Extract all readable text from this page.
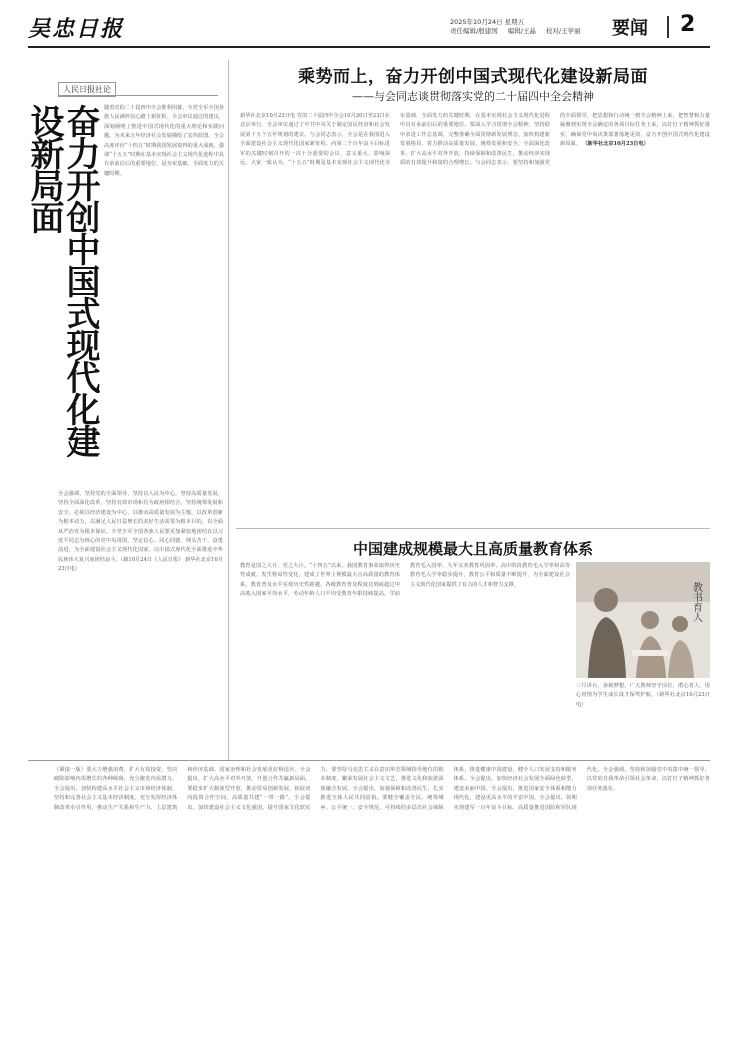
吴忠日报	2025年10月24日 星期五
责任编辑/殷建国 编辑/王晶 校对/王学丽 要闻 2
人民日报社论
奋力开创中国式现代化建设新局面	随着党的二十届四中全会胜利闭幕，全党全军全国各族人民满怀信心踏上新征程。全会审议通过的建议，深刻阐明了推进中国式现代化的重大理论和实践问题，为未来五年经济社会发展描绘了宏伟蓝图。全会高度评价“十四五”时期我国发展取得的重大成就，强调“十五五”时期在基本实现社会主义现代化进程中具有承前启后的重要地位，是夯实基础、全面发力的关键时期。
全会强调，坚持党的全面领导，坚持以人民为中心，坚持高质量发展，坚持全面深化改革，坚持有效市场和有为政府相结合，坚持统筹发展和安全。必须以经济建设为中心，以推动高质量发展为主题，以改革创新为根本动力，以满足人民日益增长的美好生活需要为根本目的，以全面从严治党为根本保证。全党全军全国各族人民要更加紧密地团结在以习近平同志为核心的党中央周围，坚定信心、同心同德，埋头苦干、奋勇前进，为全面建设社会主义现代化国家、以中国式现代化全面推进中华民族伟大复兴而团结奋斗。（载10月24日《人民日报》 新华社北京10月23日电）
乘势而上，奋力开创中国式现代化建设新局面
——与会同志谈贯彻落实党的二十届四中全会精神
新华社北京10月23日电 党的二十届四中全会10月20日至23日在北京举行。全会审议通过了中共中央关于制定国民经济和社会发展第十五个五年规划的建议。与会同志表示，全会是在我国进入全面建设社会主义现代化国家新征程、向第二个百年奋斗目标进军的关键时刻召开的一次十分重要的会议，意义重大、影响深远。大家一致认为，“十五五”时期是基本实现社会主义现代化夯实基础、全面发力的关键时期，在基本实现社会主义现代化进程中具有承前启后的重要地位。要深入学习贯彻全会精神，坚持稳中求进工作总基调，完整准确全面贯彻新发展理念，加快构建新发展格局，着力推动高质量发展，统筹发展和安全，全面深化改革，扩大高水平对外开放，持续保障和改善民生，推动经济实现质的有效提升和量的合理增长。与会同志表示，要坚持和加强党的全面领导，把思想和行动统一到全会精神上来，把智慧和力量凝聚到实现全会确定的各项目标任务上来，以钉钉子精神抓好落实，确保党中央决策部署落地见效，奋力开创中国式现代化建设新局面。 （新华社北京10月23日电）
中国建成规模最大且高质量教育体系
教育是国之大计、党之大计。“十四五”以来，我国教育事业取得历史性成就、发生格局性变化，建成了世界上规模最大且高质量的教育体系。教育普及水平实现历史性跨越，各级教育普及程度达到或超过中高收入国家平均水平，劳动年龄人口平均受教育年限持续提高。学前教育毛入园率、九年义务教育巩固率、高中阶段教育毛入学率和高等教育毛入学率稳步提升，教育公平和质量不断提升，为全面建设社会主义现代化国家提供了有力的人才和智力支撑。	教书育人
三尺讲台，承载梦想。广大教师坚守岗位、潜心育人，用心用情为学生成长成才保驾护航。（新华社北京10月23日电）
（紧接一版）要大力增强消费，扩大有效投资，坚决破除影响内需增长的各种障碍，充分激发内需潜力。全会提出，加快构建高水平社会主义市场经济体制，坚持和完善社会主义基本经济制度，充分发挥经济体制改革牵引作用，推动生产关系和生产力、上层建筑和经济基础、国家治理和社会发展更好相适应。全会提出，扩大高水平对外开放，开创合作共赢新局面。要稳步扩大制度型开放，推动贸易创新发展，拓展双向投资合作空间，高质量共建“一带一路”。全会提出，加快建设社会主义文化强国，提升国家文化软实力。要坚持马克思主义在意识形态领域指导地位的根本制度，繁荣发展社会主义文艺，推进文化和旅游深度融合发展。全会提出，加强保障和改善民生，扎实推进全体人民共同富裕。要健全覆盖全民、统筹城乡、公平统一、安全规范、可持续的多层次社会保障体系，推进健康中国建设，健全人口发展支持和服务体系。全会提出，加快经济社会发展全面绿色转型，建设美丽中国。全会提出，推进国家安全体系和能力现代化，建设更高水平的平安中国。全会提出，如期实现建军一百年奋斗目标，高质量推进国防和军队现代化。全会强调，坚持和加强党中央集中统一领导，以党的自我革命引领社会革命，以钉钉子精神抓好各项任务落实。
